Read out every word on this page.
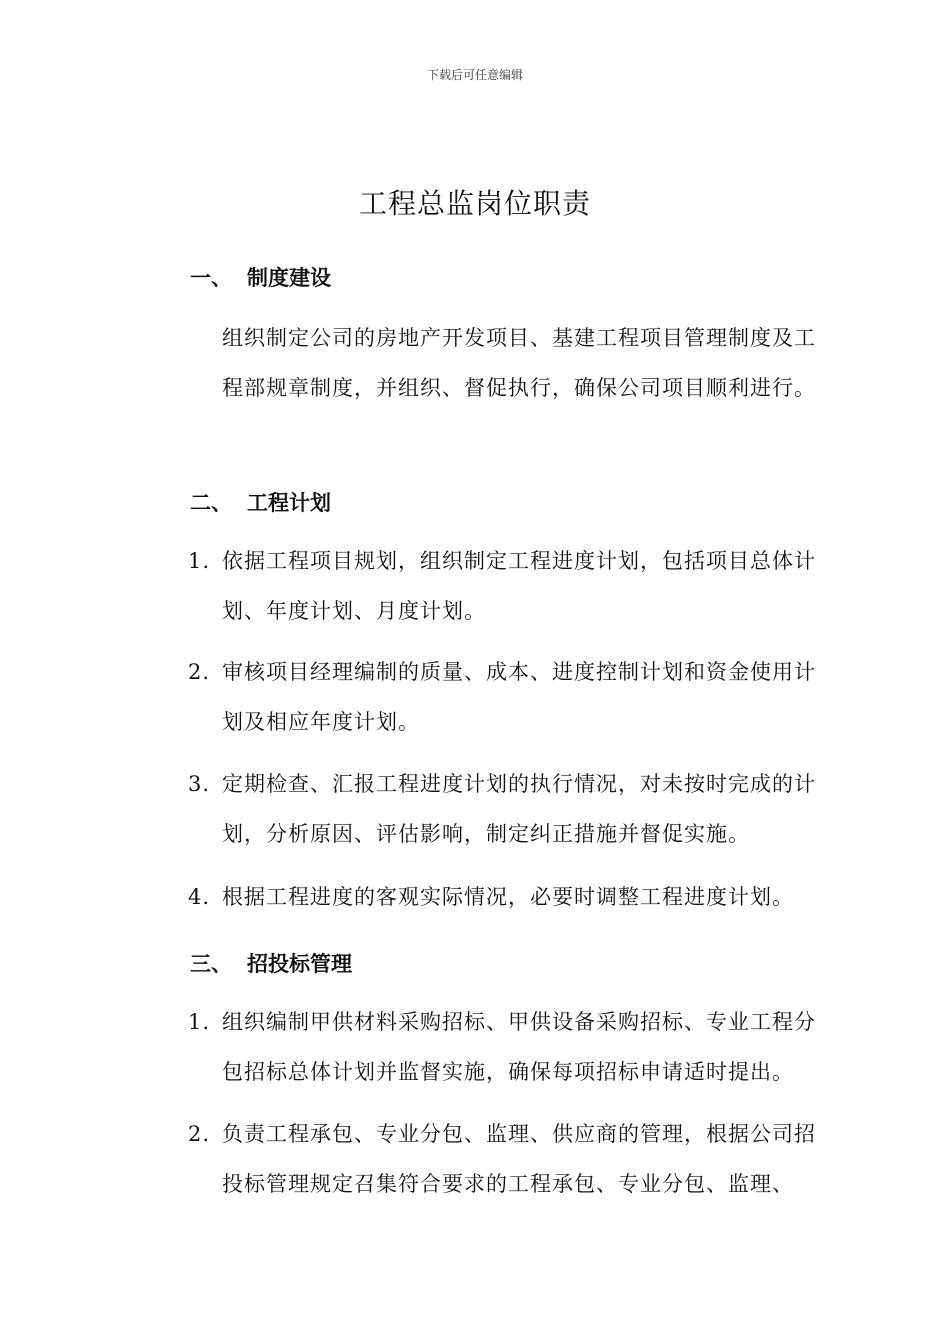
下载后可任意编辑
工程总监岗位职责
一、 制度建设
组织制定公司的房地产开发项目、基建工程项目管理制度及工程部规章制度，并组织、督促执行，确保公司项目顺利进行。
二、 工程计划
1. 依据工程项目规划，组织制定工程进度计划，包括项目总体计划、年度计划、月度计划。
2. 审核项目经理编制的质量、成本、进度控制计划和资金使用计划及相应年度计划。
3. 定期检查、汇报工程进度计划的执行情况，对未按时完成的计划，分析原因、评估影响，制定纠正措施并督促实施。
4. 根据工程进度的客观实际情况，必要时调整工程进度计划。
三、 招投标管理
1. 组织编制甲供材料采购招标、甲供设备采购招标、专业工程分包招标总体计划并监督实施，确保每项招标申请适时提出。
2. 负责工程承包、专业分包、监理、供应商的管理，根据公司招投标管理规定召集符合要求的工程承包、专业分包、监理、
